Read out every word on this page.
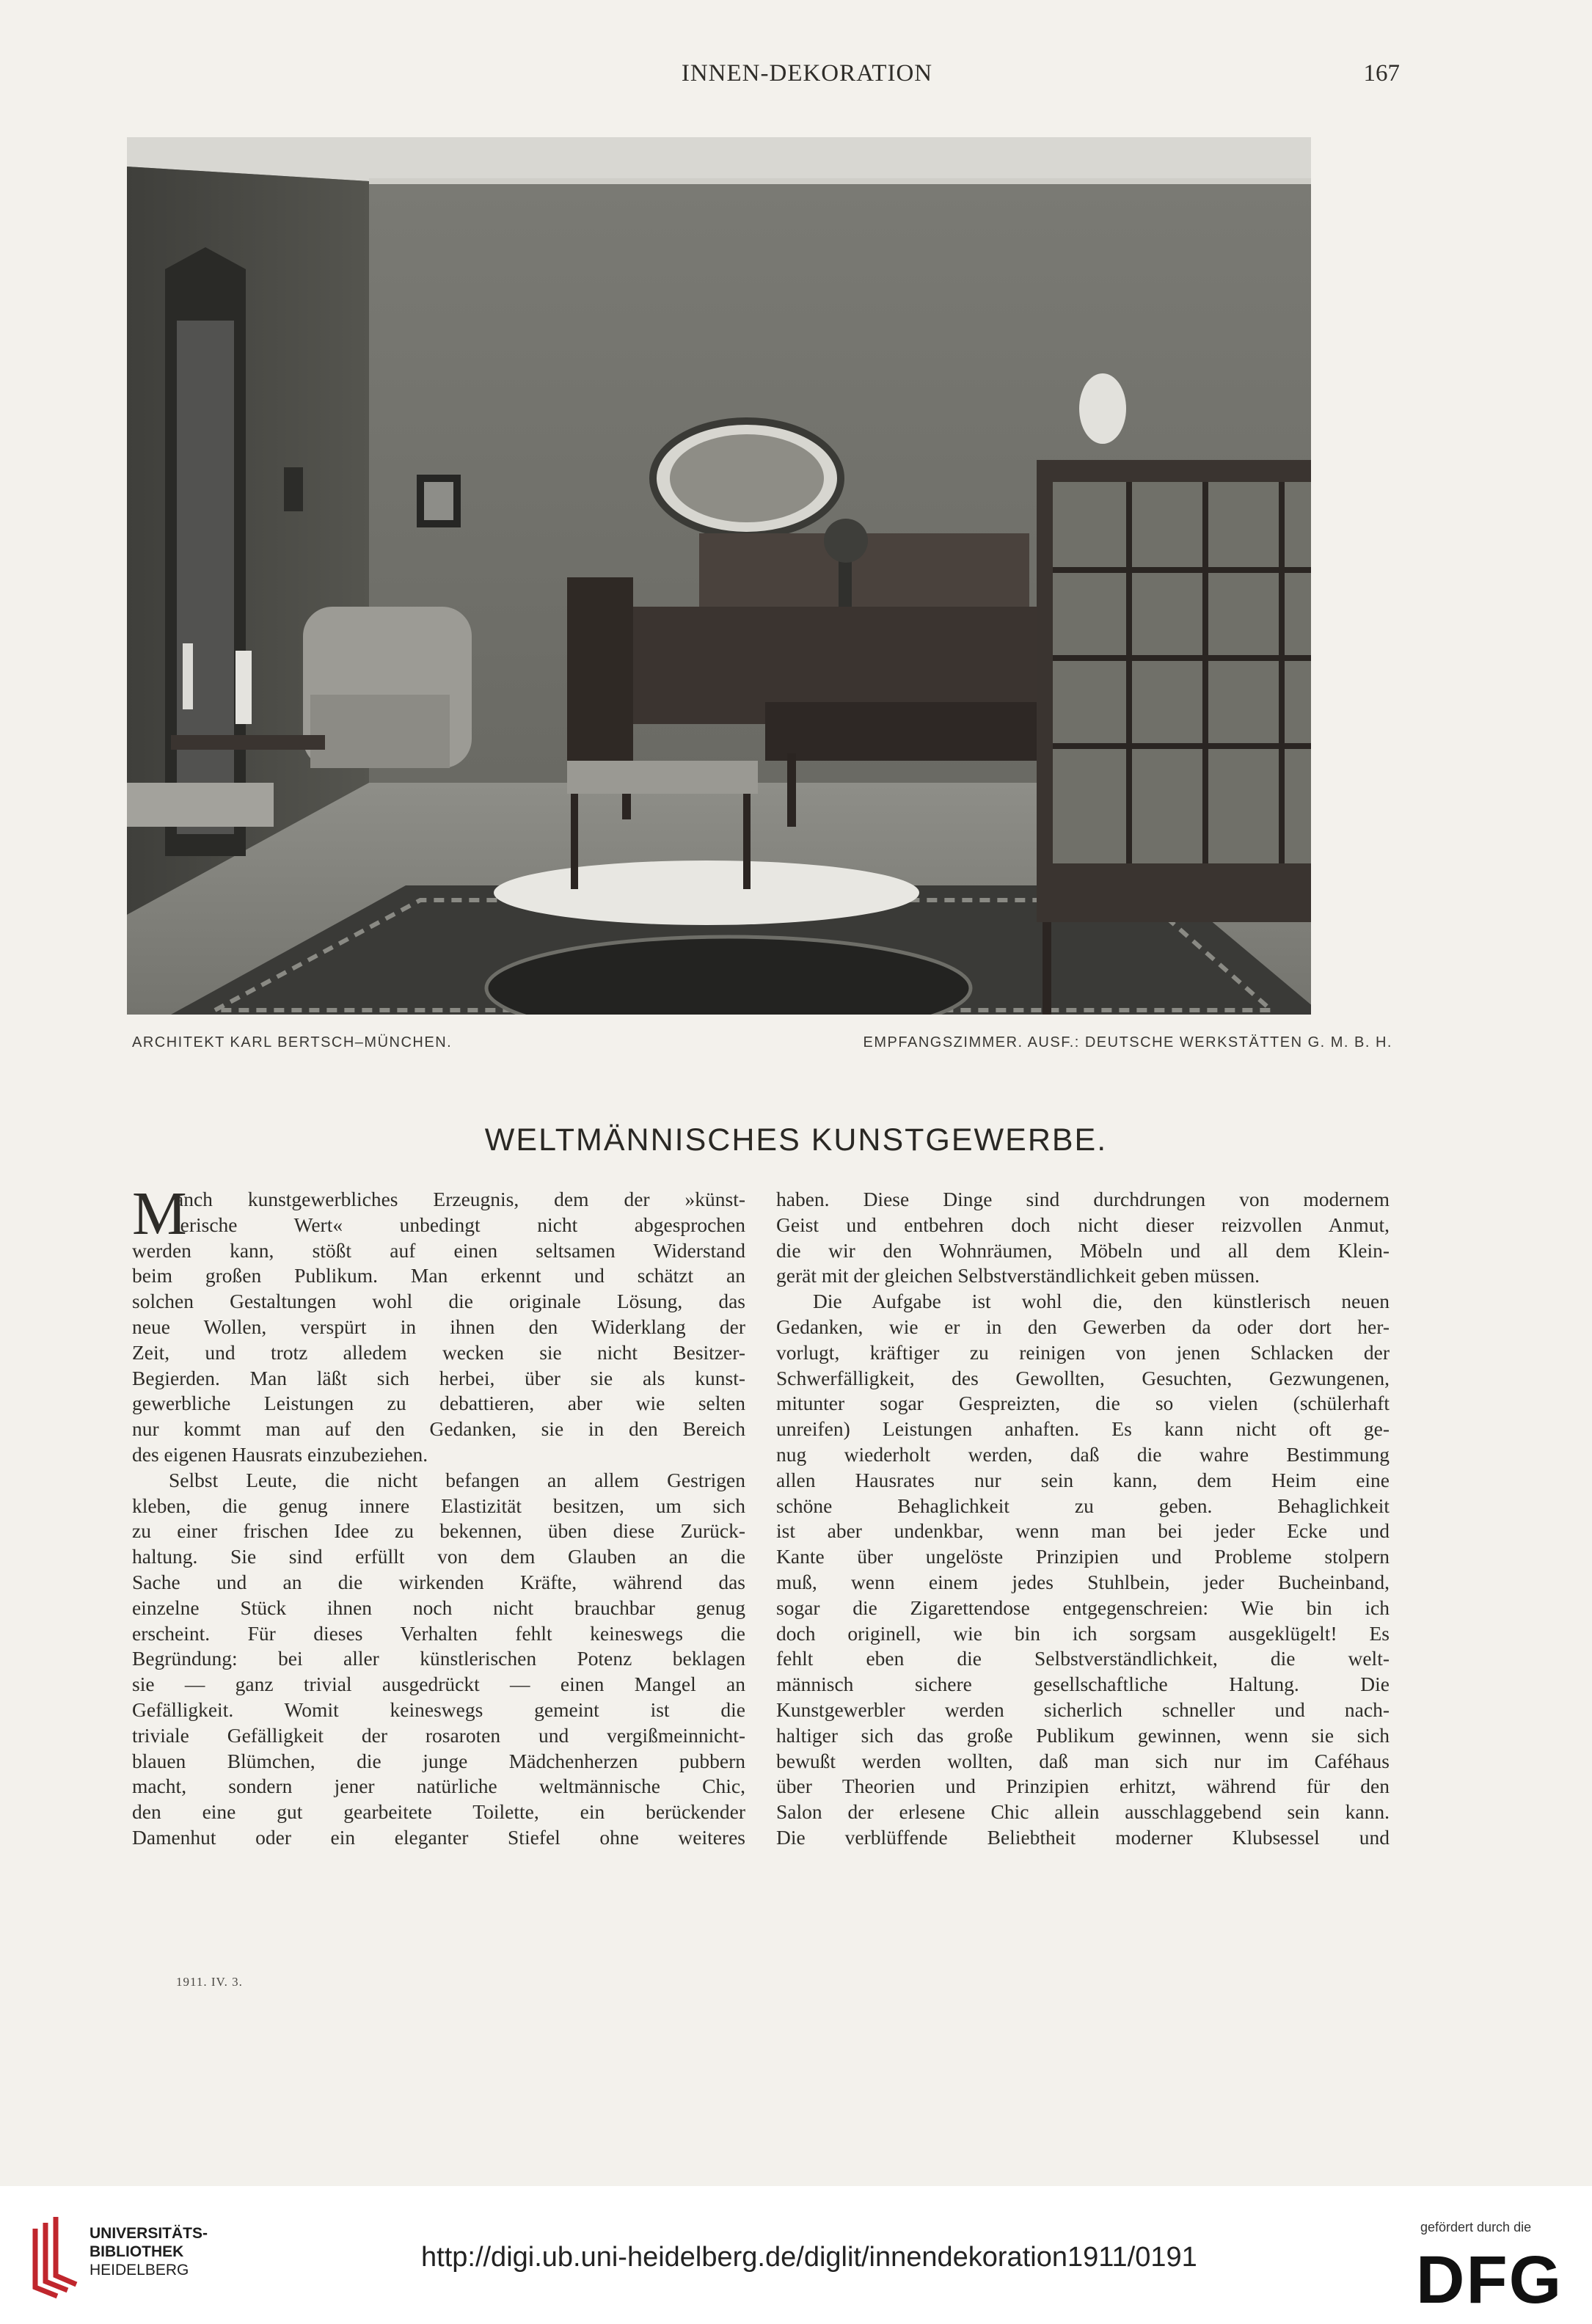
INNEN-DEKORATION	167
ARCHITEKT KARL BERTSCH–MÜNCHEN.	EMPFANGSZIMMER. AUSF.: DEUTSCHE WERKSTÄTTEN G. M. B. H.
WELTMÄNNISCHES KUNSTGEWERBE.
M
anch kunstgewerbliches Erzeugnis, dem der »künst-
lerische Wert« unbedingt nicht abgesprochen
werden kann, stößt auf einen seltsamen Widerstand
beim großen Publikum. Man erkennt und schätzt an
solchen Gestaltungen wohl die originale Lösung, das
neue Wollen, verspürt in ihnen den Widerklang der
Zeit, und trotz alledem wecken sie nicht Besitzer-
Begierden. Man läßt sich herbei, über sie als kunst-
gewerbliche Leistungen zu debattieren, aber wie selten
nur kommt man auf den Gedanken, sie in den Bereich
des eigenen Hausrats einzubeziehen.
Selbst Leute, die nicht befangen an allem Gestrigen
kleben, die genug innere Elastizität besitzen, um sich
zu einer frischen Idee zu bekennen, üben diese Zurück-
haltung. Sie sind erfüllt von dem Glauben an die
Sache und an die wirkenden Kräfte, während das
einzelne Stück ihnen noch nicht brauchbar genug
erscheint. Für dieses Verhalten fehlt keineswegs die
Begründung: bei aller künstlerischen Potenz beklagen
sie — ganz trivial ausgedrückt — einen Mangel an
Gefälligkeit. Womit keineswegs gemeint ist die
triviale Gefälligkeit der rosaroten und vergißmeinnicht-
blauen Blümchen, die junge Mädchenherzen pubbern
macht, sondern jener natürliche weltmännische Chic,
den eine gut gearbeitete Toilette, ein berückender
Damenhut oder ein eleganter Stiefel ohne weiteres
haben. Diese Dinge sind durchdrungen von modernem
Geist und entbehren doch nicht dieser reizvollen Anmut,
die wir den Wohnräumen, Möbeln und all dem Klein-
gerät mit der gleichen Selbstverständlichkeit geben müssen.
Die Aufgabe ist wohl die, den künstlerisch neuen
Gedanken, wie er in den Gewerben da oder dort her-
vorlugt, kräftiger zu reinigen von jenen Schlacken der
Schwerfälligkeit, des Gewollten, Gesuchten, Gezwungenen,
mitunter sogar Gespreizten, die so vielen (schülerhaft
unreifen) Leistungen anhaften. Es kann nicht oft ge-
nug wiederholt werden, daß die wahre Bestimmung
allen Hausrates nur sein kann, dem Heim eine
schöne Behaglichkeit zu geben. Behaglichkeit
ist aber undenkbar, wenn man bei jeder Ecke und
Kante über ungelöste Prinzipien und Probleme stolpern
muß, wenn einem jedes Stuhlbein, jeder Bucheinband,
sogar die Zigarettendose entgegenschreien: Wie bin ich
doch originell, wie bin ich sorgsam ausgeklügelt! Es
fehlt eben die Selbstverständlichkeit, die welt-
männisch sichere gesellschaftliche Haltung. Die
Kunstgewerbler werden sicherlich schneller und nach-
haltiger sich das große Publikum gewinnen, wenn sie sich
bewußt werden wollten, daß man sich nur im Caféhaus
über Theorien und Prinzipien erhitzt, während für den
Salon der erlesene Chic allein ausschlaggebend sein kann.
Die verblüffende Beliebtheit moderner Klubsessel und
1911. IV. 3.
UNIVERSITÄTS-
BIBLIOTHEK
HEIDELBERG	http://digi.ub.uni-heidelberg.de/diglit/innendekoration1911/0191
gefördert durch die
DFG
